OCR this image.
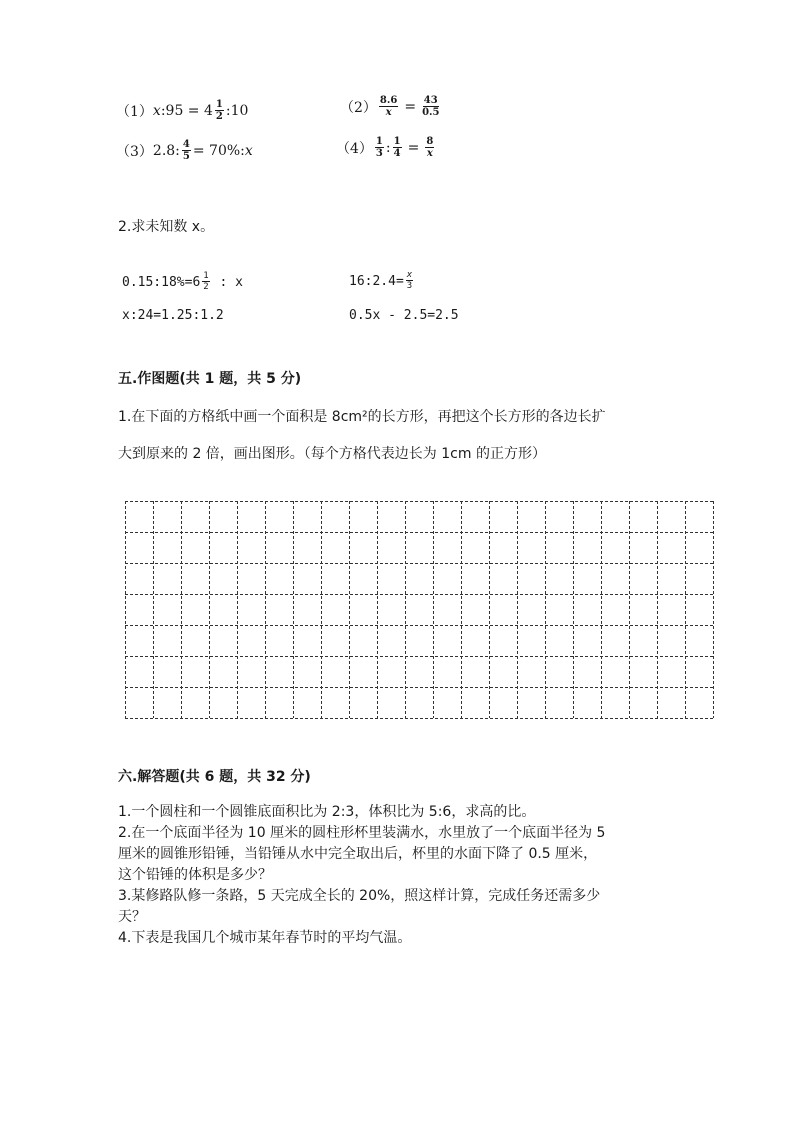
（1） x :95 = $4 \frac{1}{2}$ :10	$(2) \frac{8.6}{x} = \frac{43}{0.5}$
（3） 2.8: $\frac{4}{5} = 70\%$: x	$(4) \frac{1}{3}$ : $\frac{1}{4} = \frac{8}{x}$
2.求未知数 x。
0.15:18%=6 $\frac{1}{2}$ : x	16:2.4= $\frac{x}{3}$
x:24=1.25:1.2	0.5x - 2.5=2.5
五.作图题(共 1 题，共 5 分)
1.在下面的方格纸中画一个面积是 8cm²的长方形，再把这个长方形的各边长扩
大到原来的 2 倍，画出图形。（每个方格代表边长为 1cm 的正方形）
六.解答题(共 6 题，共 32 分)
1.一个圆柱和一个圆锥底面积比为 2:3，体积比为 5:6，求高的比。
2.在一个底面半径为 10 厘米的圆柱形杯里装满水，水里放了一个底面半径为 5
厘米的圆锥形铅锤，当铅锤从水中完全取出后，杯里的水面下降了 0.5 厘米，
这个铅锤的体积是多少？
3.某修路队修一条路，5 天完成全长的 20%，照这样计算，完成任务还需多少
天？
4.下表是我国几个城市某年春节时的平均气温。
